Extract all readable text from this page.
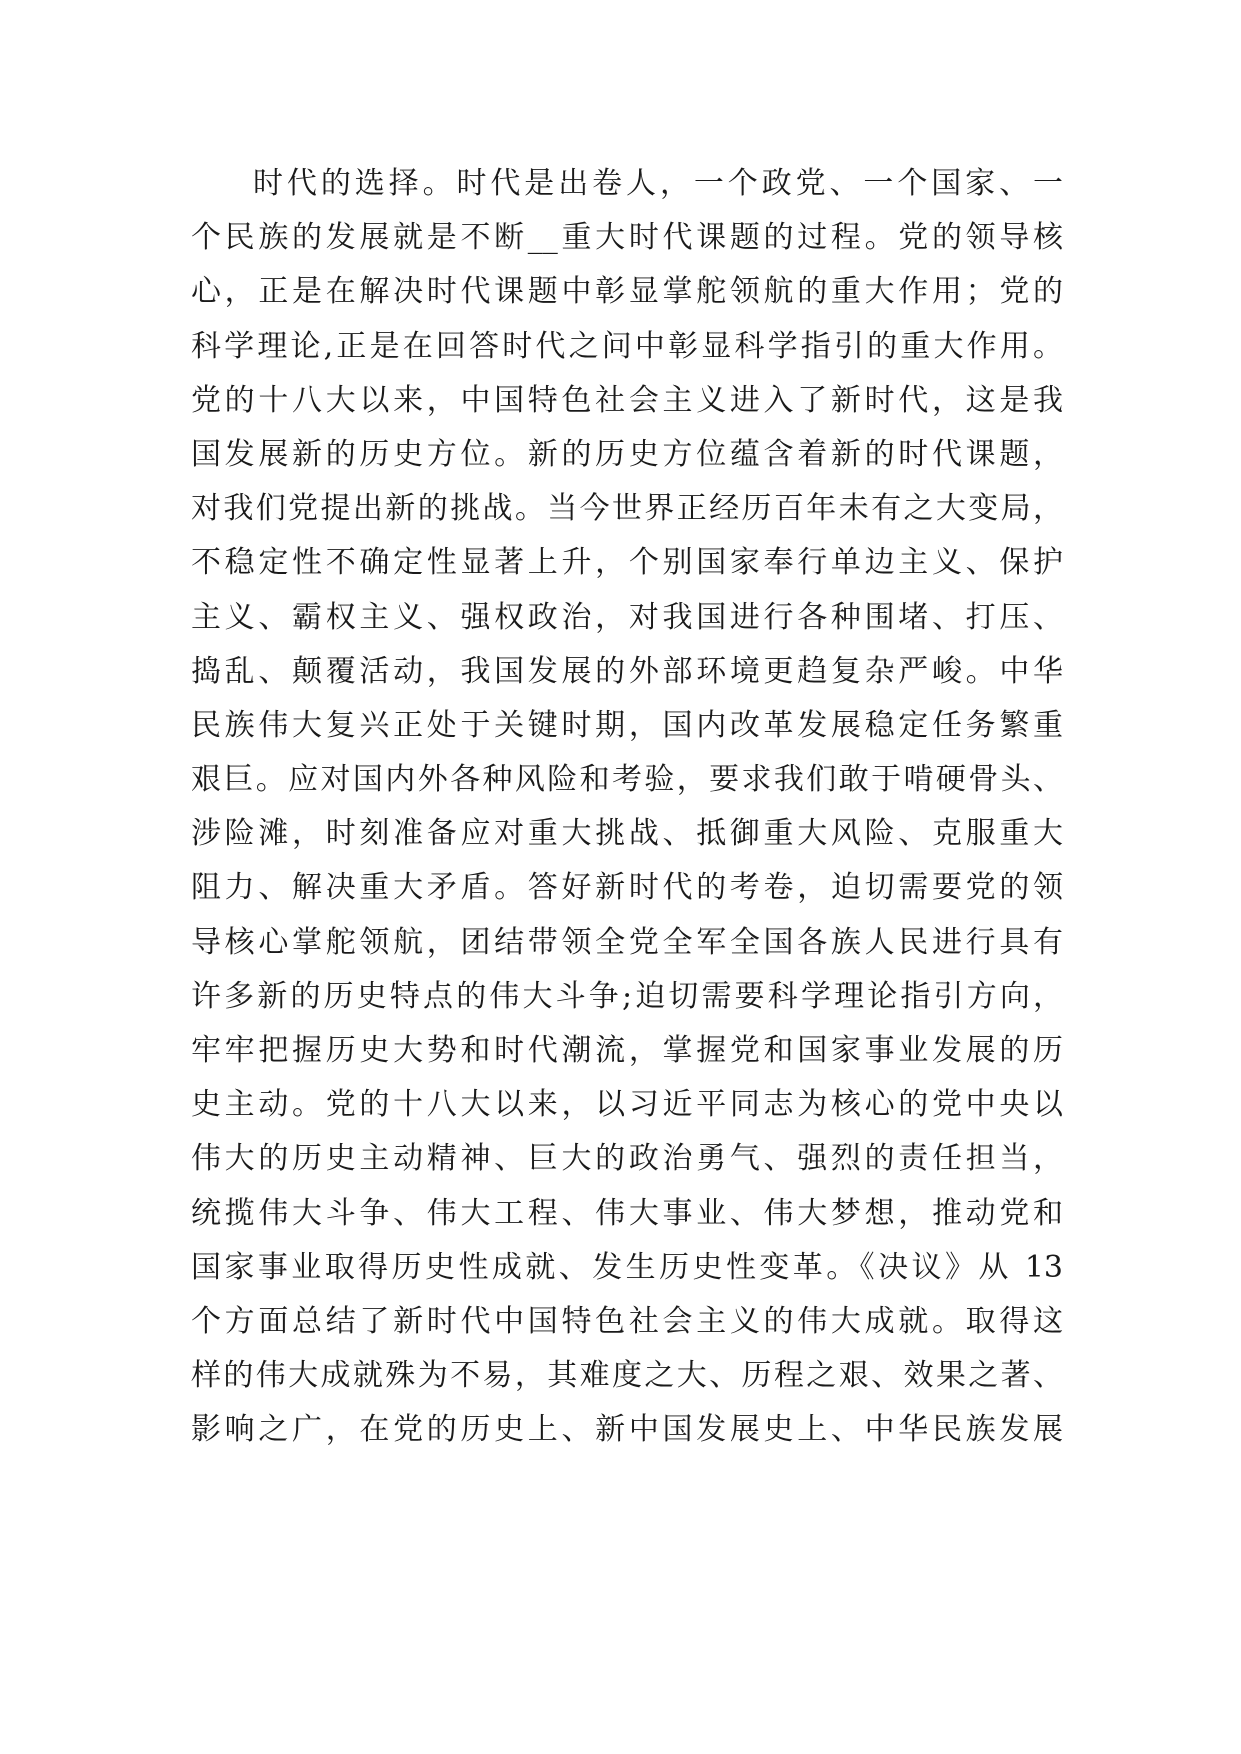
时代的选择。时代是出卷人，一个政党、一个国家、一
个民族的发展就是不断__重大时代课题的过程。党的领导核
心，正是在解决时代课题中彰显掌舵领航的重大作用；党的
科学理论,正是在回答时代之问中彰显科学指引的重大作用。
党的十八大以来，中国特色社会主义进入了新时代，这是我
国发展新的历史方位。新的历史方位蕴含着新的时代课题，
对我们党提出新的挑战。当今世界正经历百年未有之大变局，
不稳定性不确定性显著上升，个别国家奉行单边主义、保护
主义、霸权主义、强权政治，对我国进行各种围堵、打压、
捣乱、颠覆活动，我国发展的外部环境更趋复杂严峻。中华
民族伟大复兴正处于关键时期，国内改革发展稳定任务繁重
艰巨。应对国内外各种风险和考验，要求我们敢于啃硬骨头、
涉险滩，时刻准备应对重大挑战、抵御重大风险、克服重大
阻力、解决重大矛盾。答好新时代的考卷，迫切需要党的领
导核心掌舵领航，团结带领全党全军全国各族人民进行具有
许多新的历史特点的伟大斗争;迫切需要科学理论指引方向，
牢牢把握历史大势和时代潮流，掌握党和国家事业发展的历
史主动。党的十八大以来，以习近平同志为核心的党中央以
伟大的历史主动精神、巨大的政治勇气、强烈的责任担当，
统揽伟大斗争、伟大工程、伟大事业、伟大梦想，推动党和
国家事业取得历史性成就、发生历史性变革。《决议》从 13
个方面总结了新时代中国特色社会主义的伟大成就。取得这
样的伟大成就殊为不易，其难度之大、历程之艰、效果之著、
影响之广，在党的历史上、新中国发展史上、中华民族发展
